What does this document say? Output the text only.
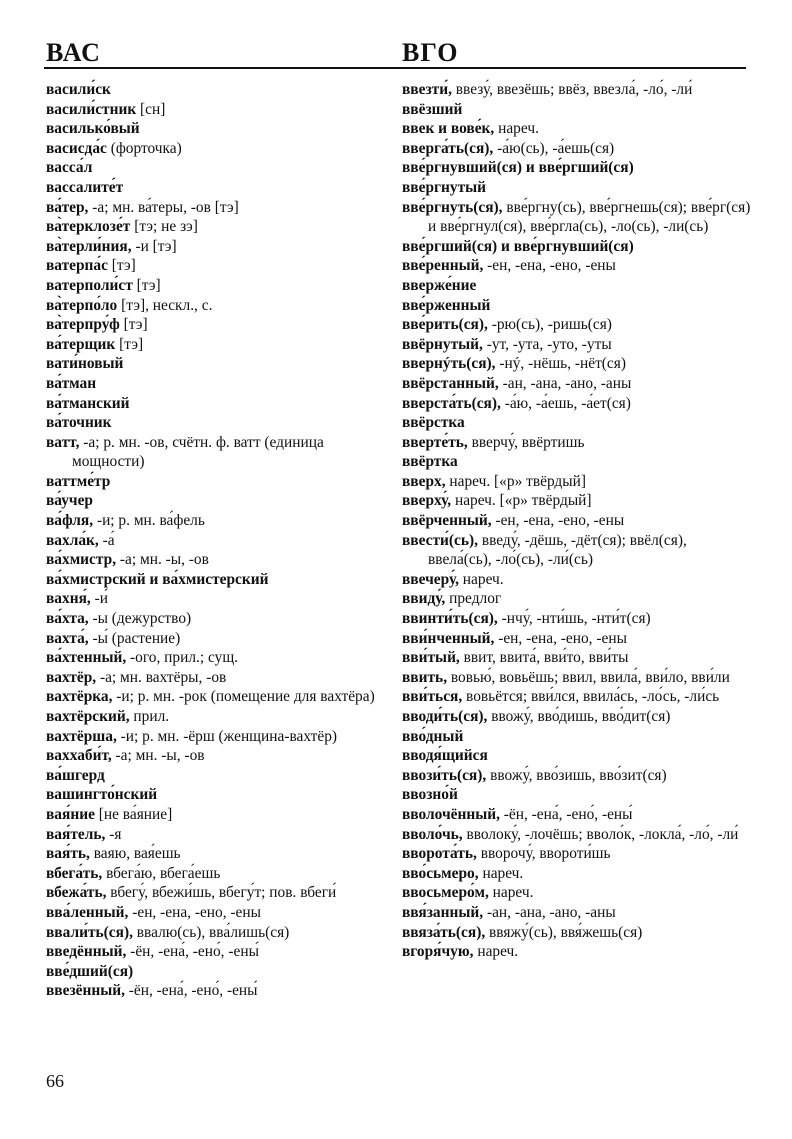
ВАС	ВГО

васили́ск

васили́стник [сн]

василько́вый

васисда́с (форточка)

васса́л

вассалите́т

ва́тер, -а; мн. ва́теры, -ов [тэ]

ва̀терклозе́т [тэ; не зэ]

ва̀терли́ния, -и [тэ]

ватерпа́с [тэ]

ватерполи́ст [тэ]

ва̀терпо́ло [тэ], нескл., с.

ва̀терпру́ф [тэ]

ва́терщик [тэ]

вати́новый

ва́тман

ва́тманский

ва́точник

ватт, -а; р. мн. -ов, счётн. ф. ватт (единица мощности)

ваттме́тр

ва́учер

ва́фля, -и; р. мн. ва́фель

вахла́к, -а́

ва́хмистр, -а; мн. -ы, -ов

ва́хмистрский и ва́хмистерский

вахня́, -и́

ва́хта, -ы (дежурство)

вахта́, -ы́ (растение)

ва́хтенный, -ого, прил.; сущ.

вахтёр, -а; мн. вахтёры, -ов

вахтёрка, -и; р. мн. -рок (помещение для вахтёра)

вахтёрский, прил.

вахтёрша, -и; р. мн. -ёрш (женщина-вахтёр)

ваххаби́т, -а; мн. -ы, -ов

ва́шгерд

вашингто́нский

вая́ние [не ва́яние]

вая́тель, -я

вая́ть, ваяю, вая́ешь

вбега́ть, вбега́ю, вбега́ешь

вбежа́ть, вбегу́, вбежи́шь, вбегу́т; пов. вбеги́

вва́ленный, -ен, -ена, -ено, -ены

ввали́ть(ся), ввалю(сь), вва́лишь(ся)

введённый, -ён, -ена́, -ено́, -ены́

вве́дший(ся)

ввезённый, -ён, -ена́, -ено́, -ены́

ввезти́, ввезу́, ввезёшь; ввёз, ввезла́, -ло́, -ли́

ввёзший

ввек и вове́к, нареч.

вверга́ть(ся), -а́ю(сь), -а́ешь(ся)

вве́ргнувший(ся) и вве́ргший(ся)

вве́ргнутый

вве́ргнуть(ся), вве́ргну(сь), вве́ргнешь(ся); вве́рг(ся) и вве́ргнул(ся), вве́ргла(сь), -ло(сь), -ли(сь)

вве́ргший(ся) и вве́ргнувший(ся)

вве́ренный, -ен, -ена, -ено, -ены

вверже́ние

вве́рженный

вве́рить(ся), -рю(сь), -ришь(ся)

ввёрнутый, -ут, -ута, -уто, -уты

ввернýть(ся), -нý, -нёшь, -нёт(ся)

ввёрстанный, -ан, -ана, -ано, -аны

вверста́ть(ся), -а́ю, -а́ешь, -а́ет(ся)

ввёрстка

вверте́ть, вверчу́, ввёртишь

ввёртка

вверх, нареч. [«р» твёрдый]

вверху́, нареч. [«р» твёрдый]

ввёрченный, -ен, -ена, -ено, -ены

ввести́(сь), введу́, -дёшь, -дёт(ся); ввёл(ся), ввела́(сь), -ло́(сь), -ли́(сь)

ввечеру́, нареч.

ввиду́, предлог

ввинти́ть(ся), -нчу́, -нти́шь, -нти́т(ся)

вви́нченный, -ен, -ена, -ено, -ены

вви́тый, ввит, ввита́, вви́то, вви́ты

ввить, вовью́, вовьёшь; ввил, ввила́, вви́ло, вви́ли

вви́ться, вовьётся; вви́лся, ввила́сь, -ло́сь, -ли́сь

вводи́ть(ся), ввожу́, вво́дишь, вво́дит(ся)

вво́дный

вводя́щийся

ввози́ть(ся), ввожу́, вво́зишь, вво́зит(ся)

ввозно́й

вволочённый, -ён, -ена́, -ено́, -ены́

вволо́чь, вволоку́, -лочёшь; вволо́к, -локла́, -ло́, -ли́

вворота́ть, вворочу́, ввороти́шь

вво́сьмеро, нареч.

ввосьмеро́м, нареч.

ввя́занный, -ан, -ана, -ано, -аны

ввяза́ть(ся), ввяжу́(сь), ввя́жешь(ся)

вгоря́чую, нареч.

66
